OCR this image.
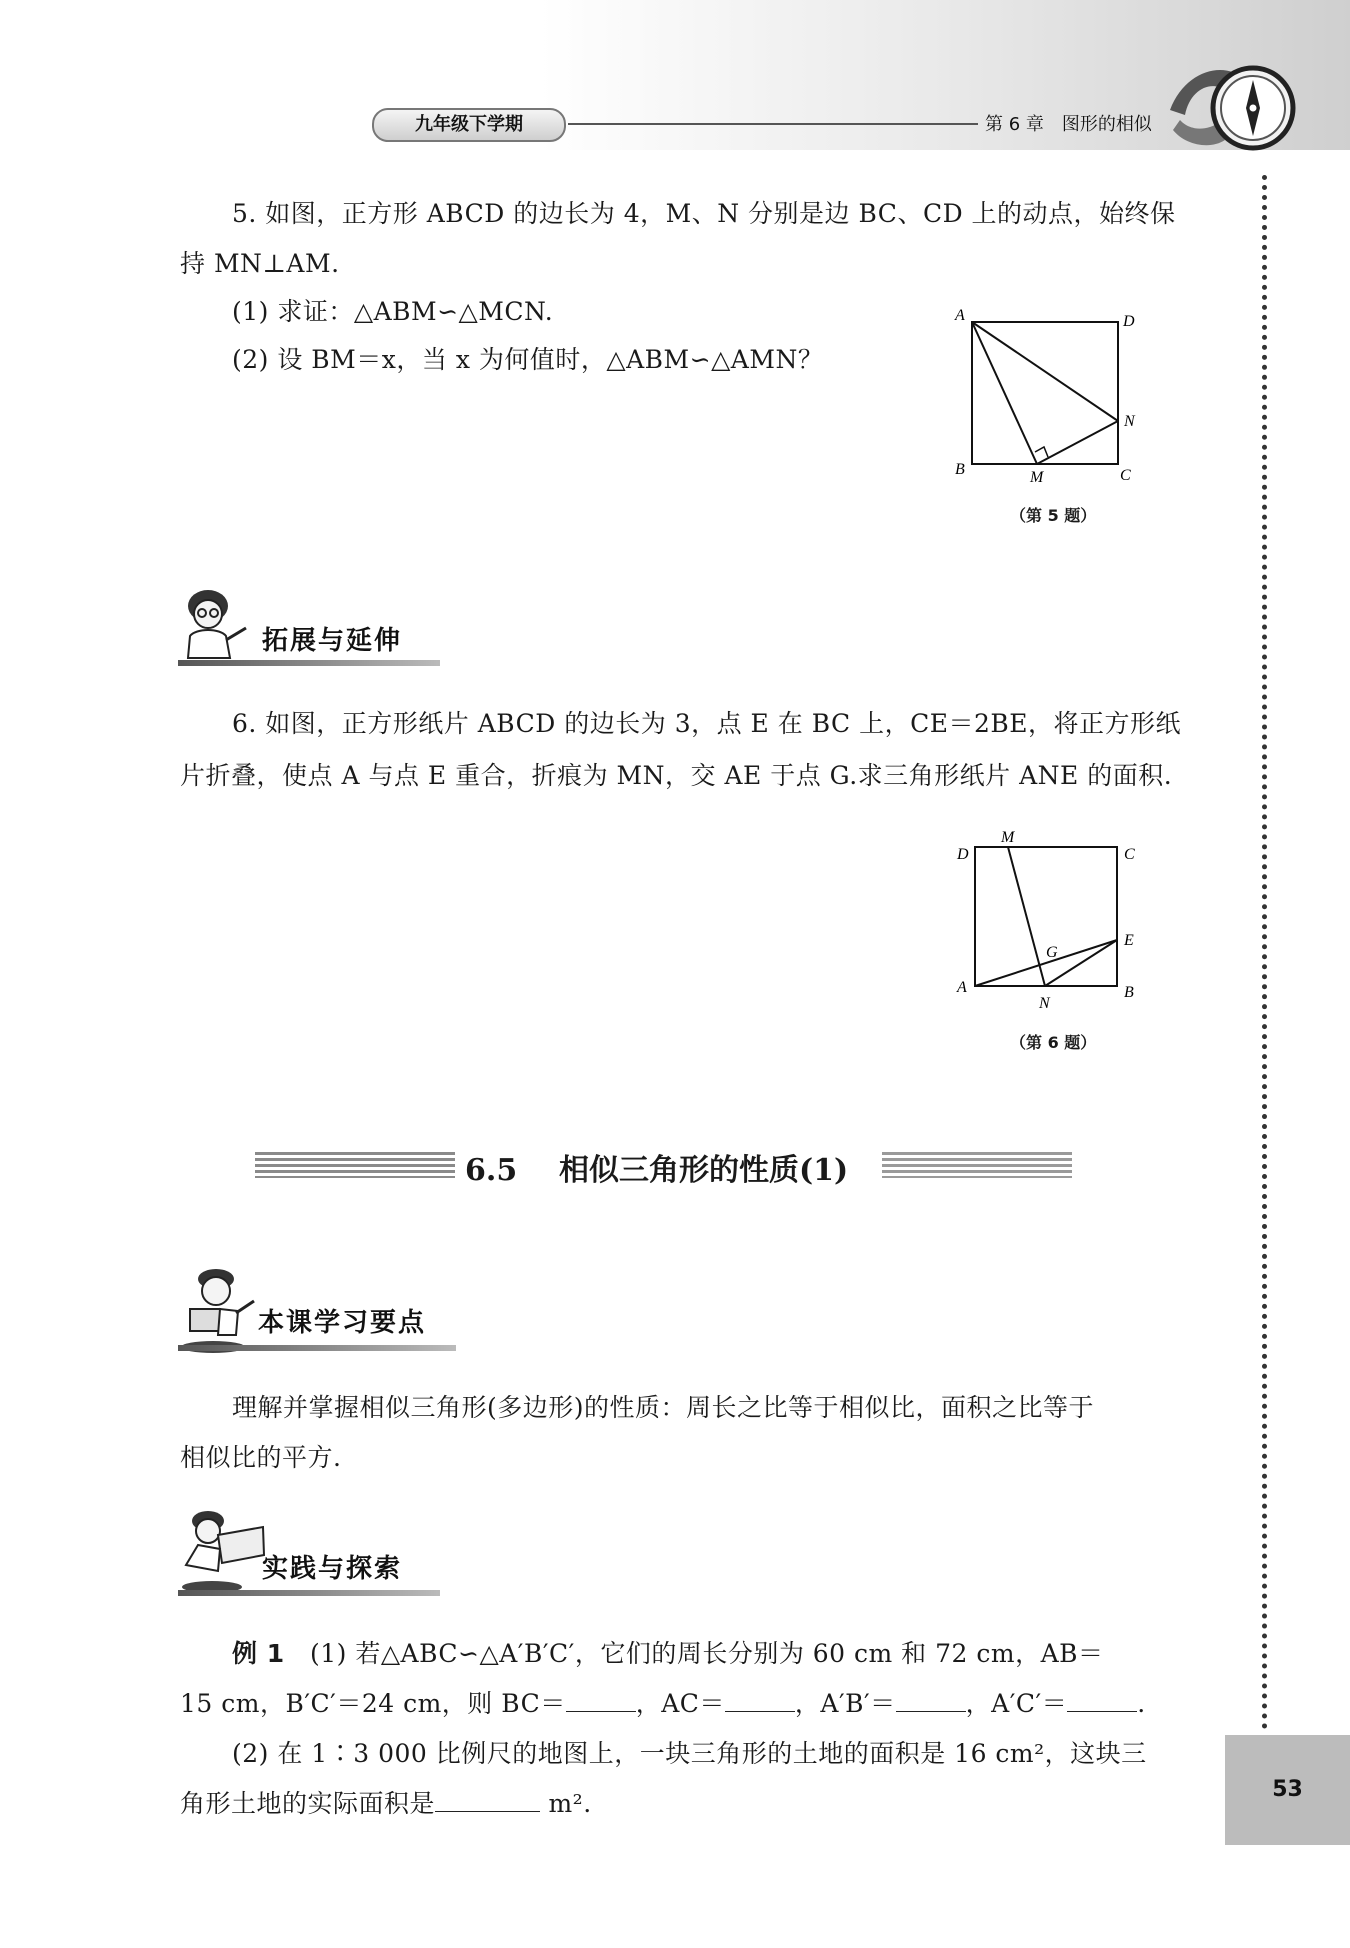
九年级下学期	第 6 章　图形的相似
53
5. 如图，正方形 ABCD 的边长为 4，M、N 分别是边 BC、CD 上的动点，始终保
持 MN⊥AM.
(1) 求证：△ABM∽△MCN.
(2) 设 BM＝x，当 x 为何值时，△ABM∽△AMN？
A	D
N
B	M	C
（第 5 题）
拓展与延伸
6. 如图，正方形纸片 ABCD 的边长为 3，点 E 在 BC 上，CE＝2BE，将正方形纸
片折叠，使点 A 与点 E 重合，折痕为 MN，交 AE 于点 G.求三角形纸片 ANE 的面积.
M
D	C
G
E
A
N
B
（第 6 题）
6.5 相似三角形的性质(1)
本课学习要点
理解并掌握相似三角形(多边形)的性质：周长之比等于相似比，面积之比等于
相似比的平方.
实践与探索
例 1 (1) 若△ABC∽△A′B′C′，它们的周长分别为 60 cm 和 72 cm，AB＝
15 cm，B′C′＝24 cm，则 BC＝	，AC＝	，A′B′＝	，A′C′＝	.
(2) 在 1∶3 000 比例尺的地图上，一块三角形的土地的面积是 16 cm²，这块三
角形土地的实际面积是	m².
